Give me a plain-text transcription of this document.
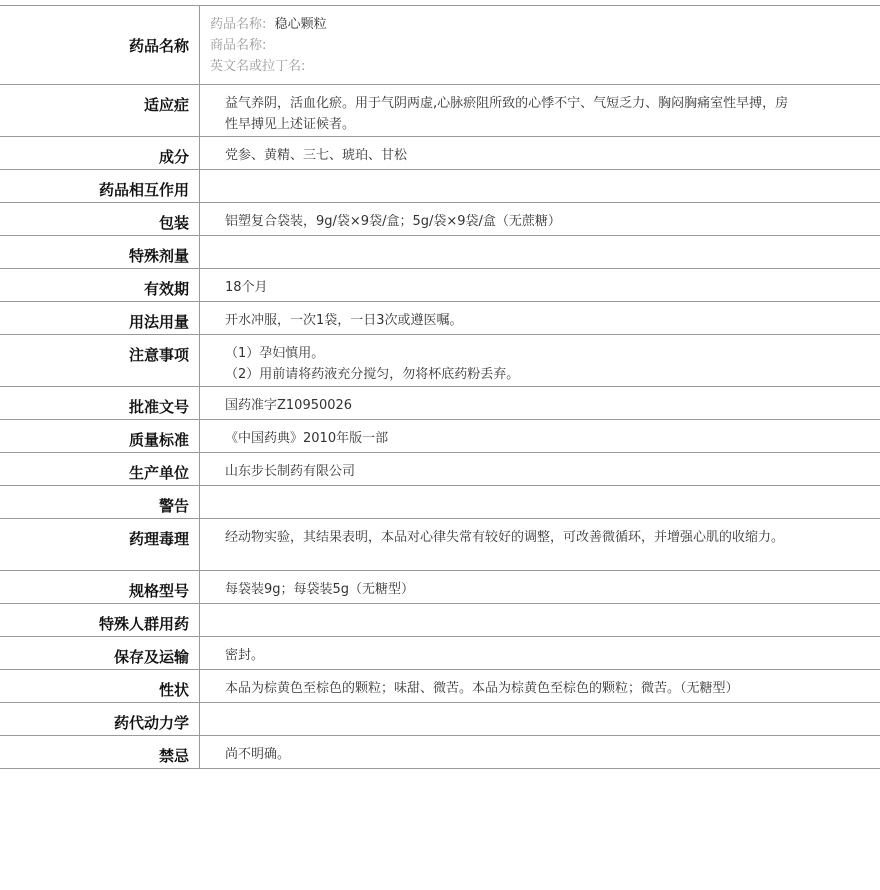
药品名称
药品名称: 稳心颗粒
商品名称:
英文名或拉丁名:
适应症	益气养阴，活血化瘀。用于气阴两虚,心脉瘀阻所致的心悸不宁、气短乏力、胸闷胸痛室性早搏，房性早搏见上述证候者。
成分	党参、黄精、三七、琥珀、甘松
药品相互作用
包装	铝塑复合袋装，9g/袋×9袋/盒；5g/袋×9袋/盒（无蔗糖）
特殊剂量
有效期	18个月
用法用量	开水冲服，一次1袋，一日3次或遵医嘱。
注意事项	（1）孕妇慎用。
（2）用前请将药液充分搅匀，勿将杯底药粉丢弃。
批准文号	国药准字Z10950026
质量标准	《中国药典》2010年版一部
生产单位	山东步长制药有限公司
警告
药理毒理	经动物实验，其结果表明，本品对心律失常有较好的调整，可改善微循环，并增强心肌的收缩力。
规格型号	每袋装9g；每袋装5g（无糖型）
特殊人群用药
保存及运输	密封。
性状	本品为棕黄色至棕色的颗粒；味甜、微苦。本品为棕黄色至棕色的颗粒；微苦。（无糖型）
药代动力学
禁忌	尚不明确。
